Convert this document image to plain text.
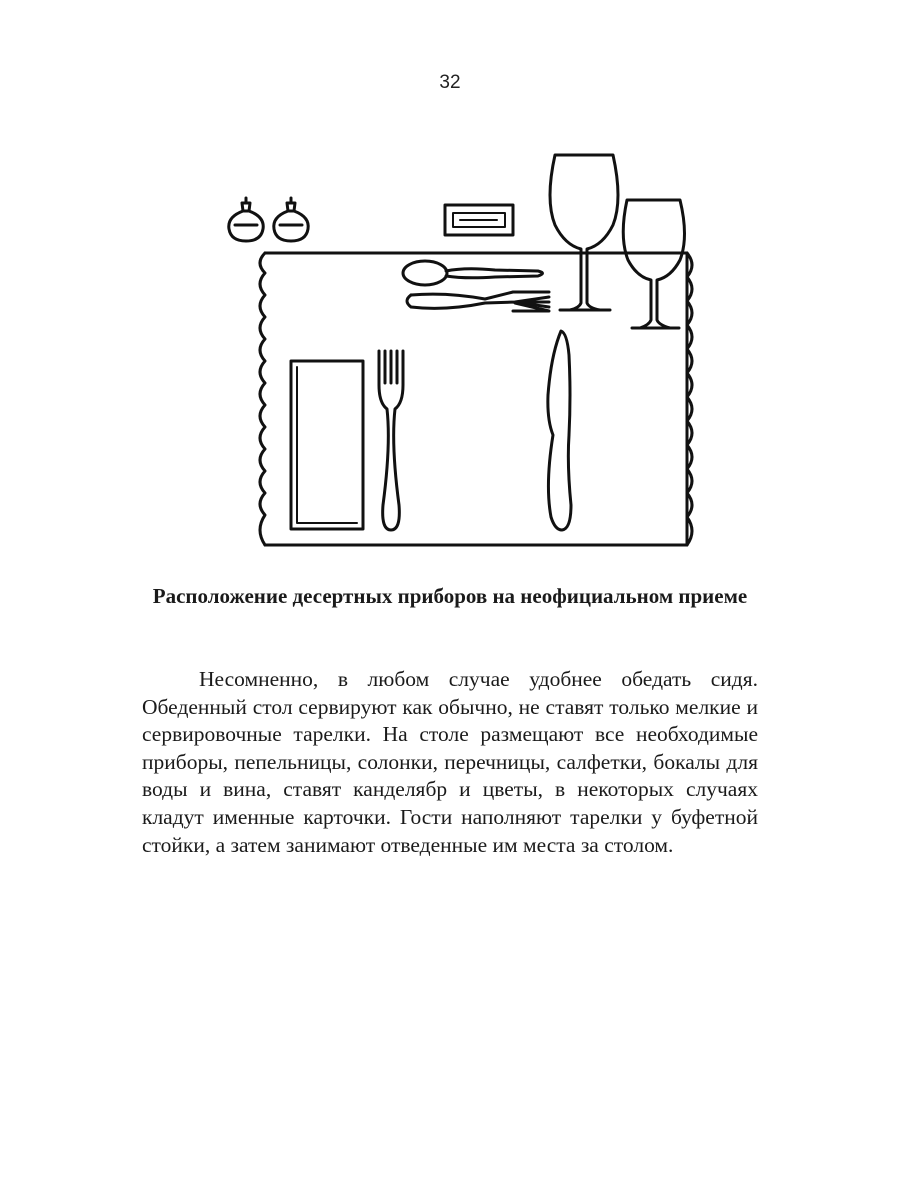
32
Расположение десертных приборов на неофициальном приеме

Несомненно, в любом случае удобнее обедать сидя. Обеденный стол сервируют как обычно, не ставят только мелкие и сервировочные тарелки. На столе размещают все необходимые приборы, пепельницы, солонки, перечницы, салфетки, бокалы для воды и вина, ставят канделябр и цветы, в некоторых случаях кладут именные карточки. Гости наполняют тарелки у буфетной стойки, а затем занимают отведенные им места за столом.
